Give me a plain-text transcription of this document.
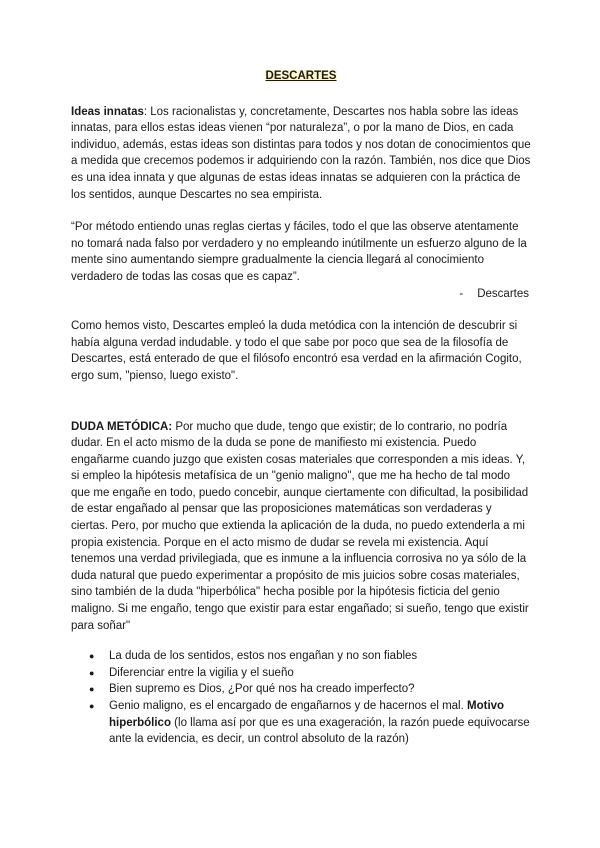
DESCARTES

Ideas innatas: Los racionalistas y, concretamente, Descartes nos habla sobre las ideas innatas, para ellos estas ideas vienen “por naturaleza”, o por la mano de Dios, en cada individuo, además, estas ideas son distintas para todos y nos dotan de conocimientos que a medida que crecemos podemos ir adquiriendo con la razón. También, nos dice que Dios es una idea innata y que algunas de estas ideas innatas se adquieren con la práctica de los sentidos, aunque Descartes no sea empirista.

“Por método entiendo unas reglas ciertas y fáciles, todo el que las observe atentamente no tomará nada falso por verdadero y no empleando inútilmente un esfuerzo alguno de la mente sino aumentando siempre gradualmente la ciencia llegará al conocimiento verdadero de todas las cosas que es capaz”.

- Descartes

Como hemos visto, Descartes empleó la duda metódica con la intención de descubrir si había alguna verdad indudable. y todo el que sabe por poco que sea de la filosofía de Descartes, está enterado de que el filósofo encontró esa verdad en la afirmación Cogito, ergo sum, "pienso, luego existo".

DUDA METÓDICA: Por mucho que dude, tengo que existir; de lo contrario, no podría dudar. En el acto mismo de la duda se pone de manifiesto mi existencia. Puedo engañarme cuando juzgo que existen cosas materiales que corresponden a mis ideas. Y, si empleo la hipótesis metafísica de un "genio maligno", que me ha hecho de tal modo que me engañe en todo, puedo concebir, aunque ciertamente con dificultad, la posibilidad de estar engañado al pensar que las proposiciones matemáticas son verdaderas y ciertas. Pero, por mucho que extienda la aplicación de la duda, no puedo extenderla a mi propia existencia. Porque en el acto mismo de dudar se revela mi existencia. Aquí tenemos una verdad privilegiada, que es inmune a la influencia corrosiva no ya sólo de la duda natural que puedo experimentar a propósito de mis juicios sobre cosas materiales, sino también de la duda "hiperbólica" hecha posible por la hipótesis ficticia del genio maligno. Si me engaño, tengo que existir para estar engañado; si sueño, tengo que existir para soñar"

● La duda de los sentidos, estos nos engañan y no son fiables
● Diferenciar entre la vigilia y el sueño
● Bien supremo es Dios, ¿Por qué nos ha creado imperfecto?
● Genio maligno, es el encargado de engañarnos y de hacernos el mal. Motivo hiperbólico (lo llama así por que es una exageración, la razón puede equivocarse ante la evidencia, es decir, un control absoluto de la razón)
